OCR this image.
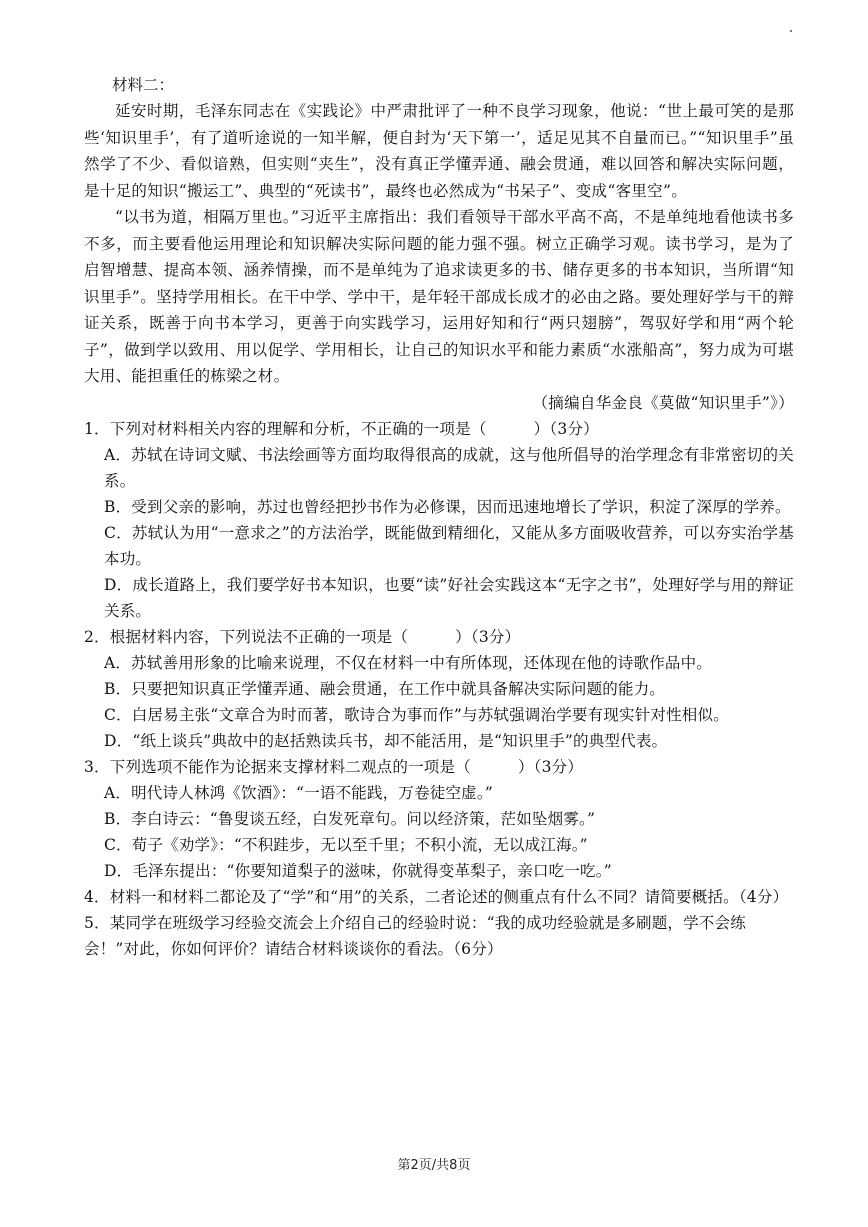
材料二：

延安时期，毛泽东同志在《实践论》中严肃批评了一种不良学习现象，他说：“世上最可笑的是那些‘知识里手’，有了道听途说的一知半解，便自封为‘天下第一’，适足见其不自量而已。”“知识里手”虽然学了不少、看似谙熟，但实则“夹生”，没有真正学懂弄通、融会贯通，难以回答和解决实际问题，是十足的知识“搬运工”、典型的“死读书”，最终也必然成为“书呆子”、变成“客里空”。

“以书为道，相隔万里也。”习近平主席指出：我们看领导干部水平高不高，不是单纯地看他读书多不多，而主要看他运用理论和知识解决实际问题的能力强不强。树立正确学习观。读书学习，是为了启智增慧、提高本领、涵养情操，而不是单纯为了追求读更多的书、储存更多的书本知识，当所谓“知识里手”。坚持学用相长。在干中学、学中干，是年轻干部成长成才的必由之路。要处理好学与干的辩证关系，既善于向书本学习，更善于向实践学习，运用好知和行“两只翅膀”，驾驭好学和用“两个轮子”，做到学以致用、用以促学、学用相长，让自己的知识水平和能力素质“水涨船高”，努力成为可堪大用、能担重任的栋梁之材。

（摘编自华金良《莫做“知识里手”》）

1．下列对材料相关内容的理解和分析，不正确的一项是（　　　）（3分）

A．苏轼在诗词文赋、书法绘画等方面均取得很高的成就，这与他所倡导的治学理念有非常密切的关系。

B．受到父亲的影响，苏过也曾经把抄书作为必修课，因而迅速地增长了学识，积淀了深厚的学养。

C．苏轼认为用“一意求之”的方法治学，既能做到精细化，又能从多方面吸收营养，可以夯实治学基本功。

D．成长道路上，我们要学好书本知识，也要“读”好社会实践这本“无字之书”，处理好学与用的辩证关系。

2．根据材料内容，下列说法不正确的一项是（　　　）（3分）

A．苏轼善用形象的比喻来说理，不仅在材料一中有所体现，还体现在他的诗歌作品中。

B．只要把知识真正学懂弄通、融会贯通，在工作中就具备解决实际问题的能力。

C．白居易主张“文章合为时而著，歌诗合为事而作”与苏轼强调治学要有现实针对性相似。

D．“纸上谈兵”典故中的赵括熟读兵书，却不能活用，是“知识里手”的典型代表。

3．下列选项不能作为论据来支撑材料二观点的一项是（　　　）（3分）

A．明代诗人林鸿《饮酒》：“一语不能践，万卷徒空虚。”

B．李白诗云：“鲁叟谈五经，白发死章句。问以经济策，茫如坠烟雾。”

C．荀子《劝学》：“不积跬步，无以至千里；不积小流，无以成江海。”

D．毛泽东提出：“你要知道梨子的滋味，你就得变革梨子，亲口吃一吃。”

4．材料一和材料二都论及了“学”和“用”的关系，二者论述的侧重点有什么不同？请简要概括。（4分）

5．某同学在班级学习经验交流会上介绍自己的经验时说：“我的成功经验就是多刷题，学不会练会！”对此，你如何评价？请结合材料谈谈你的看法。（6分）

第2页/共8页
